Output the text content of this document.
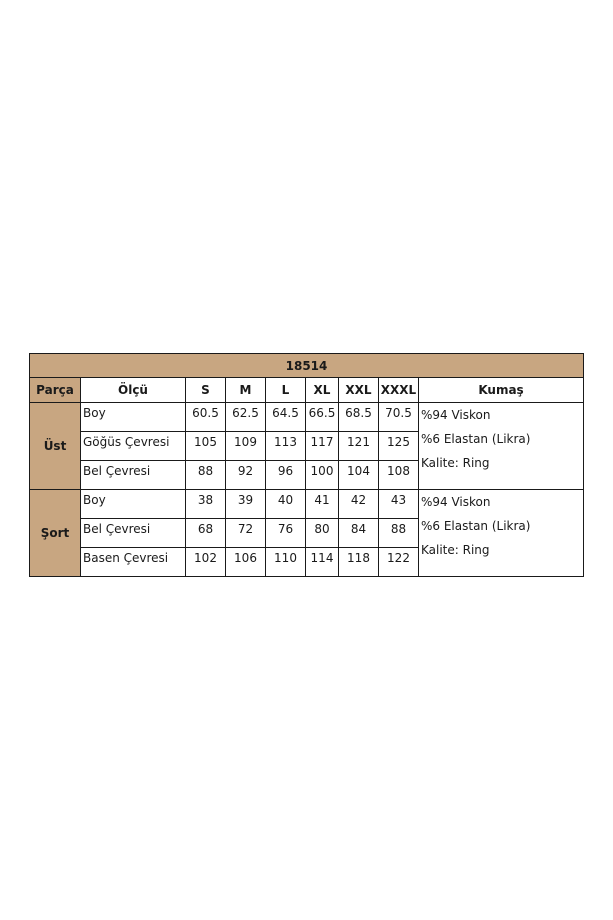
18514								
Parça	Ölçü	S	M	L	XL	XXL	XXXL	Kumaş
Üst	Boy	60.5	62.5	64.5	66.5	68.5	70.5	%94 Viskon
%6 Elastan (Likra)
Kalite: Ring

	Göğüs Çevresi	105	109	113	117	121	125	
	Bel Çevresi	88	92	96	100	104	108	
Şort	Boy	38	39	40	41	42	43	%94 Viskon
%6 Elastan (Likra)
Kalite: Ring

	Bel Çevresi	68	72	76	80	84	88	
	Basen Çevresi	102	106	110	114	118	122	
